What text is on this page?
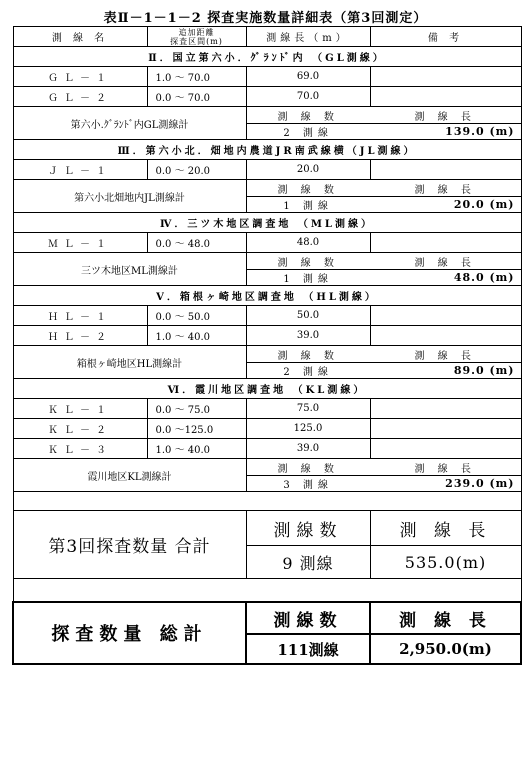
表Ⅱ－1－1－2 探査実施数量詳細表（第3回測定）
測 線 名	追加距離
探査区間(m)	測線長（m）	備 考
Ⅱ．国立第六小．ｸﾞﾗﾝﾄﾞ内 （GL測線）
ＧＬ－１	1.0 ～ 70.0	69.0	
ＧＬ－２	0.0 ～ 70.0	70.0	
第六小.ｸﾞﾗﾝﾄﾞ内GL測線計	
測 線 数	測 線 長
2 測線	139.0 (m)

Ⅲ．第六小北．畑地内農道JR南武線横（JL測線）
ＪＬ－１	0.0 ～ 20.0	20.0	
第六小北畑地内JL測線計	
測 線 数	測 線 長
1 測線	20.0 (m)

Ⅳ．三ツ木地区調査地 （ML測線）
ＭＬ－１	0.0 ～ 48.0	48.0	
三ツ木地区ML測線計	
測 線 数	測 線 長
1 測線	48.0 (m)

Ⅴ．箱根ヶ崎地区調査地 （HL測線）
ＨＬ－１	0.0 ～ 50.0	50.0	
ＨＬ－２	1.0 ～ 40.0	39.0	
箱根ヶ崎地区HL測線計	
測 線 数	測 線 長
2 測線	89.0 (m)

Ⅵ．霞川地区調査地 （KL測線）
ＫＬ－１	0.0 ～ 75.0	75.0	
ＫＬ－２	0.0 ～125.0	125.0	
ＫＬ－３	1.0 ～ 40.0	39.0	
霞川地区KL測線計	
測 線 数	測 線 長
3 測線	239.0 (m)

第3回探査数量 合計	測線数	測 線 長
9 測線	535.0(m)

探査数量 総計	測線数	測 線 長
111測線	2,950.0(m)
